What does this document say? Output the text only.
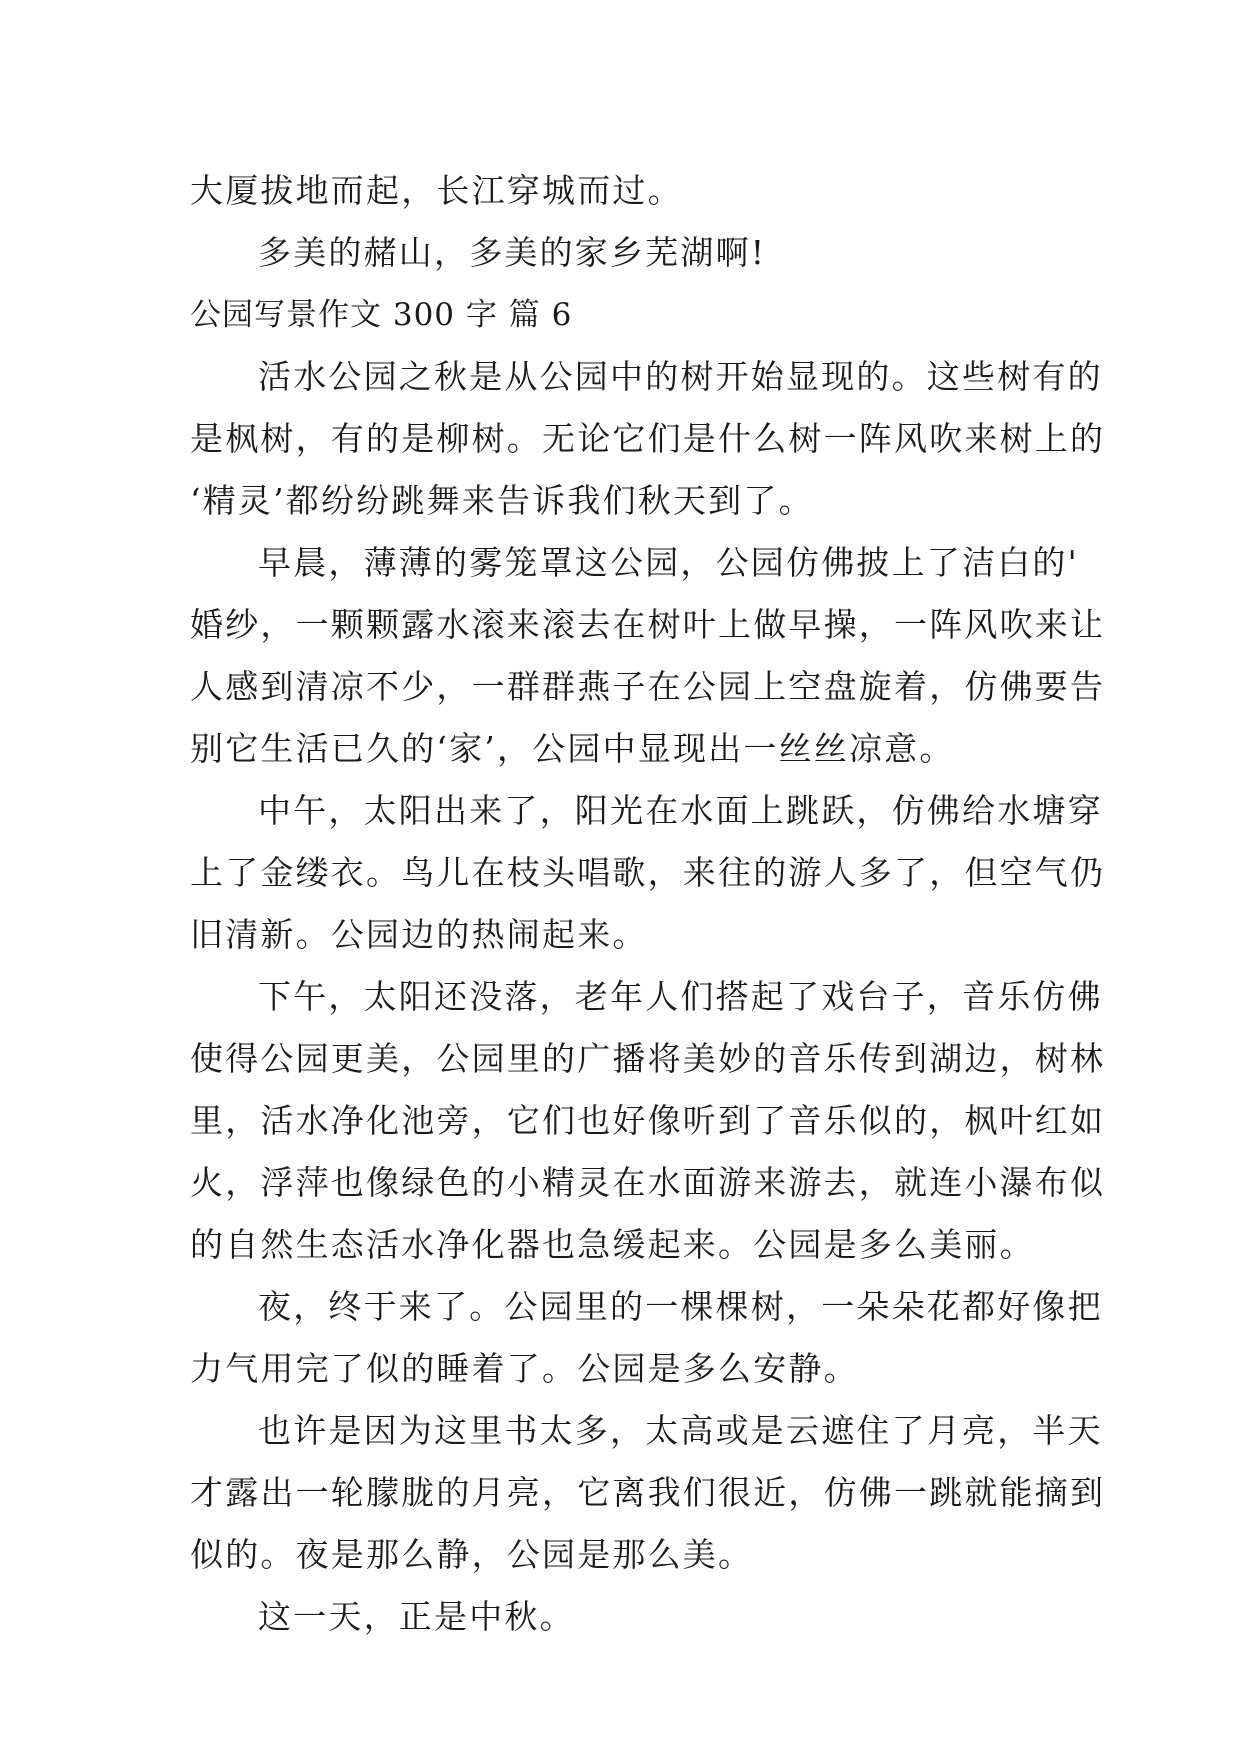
大厦拔地而起，长江穿城而过。

多美的赭山，多美的家乡芜湖啊!

公园写景作文 300 字 篇 6

活水公园之秋是从公园中的树开始显现的。这些树有的

是枫树，有的是柳树。无论它们是什么树一阵风吹来树上的

‘精灵’都纷纷跳舞来告诉我们秋天到了。

早晨，薄薄的雾笼罩这公园，公园仿佛披上了洁白的'

婚纱，一颗颗露水滚来滚去在树叶上做早操，一阵风吹来让

人感到清凉不少，一群群燕子在公园上空盘旋着，仿佛要告

别它生活已久的‘家’，公园中显现出一丝丝凉意。

中午，太阳出来了，阳光在水面上跳跃，仿佛给水塘穿

上了金缕衣。鸟儿在枝头唱歌，来往的游人多了，但空气仍

旧清新。公园边的热闹起来。

下午，太阳还没落，老年人们搭起了戏台子，音乐仿佛

使得公园更美，公园里的广播将美妙的音乐传到湖边，树林

里，活水净化池旁，它们也好像听到了音乐似的，枫叶红如

火，浮萍也像绿色的小精灵在水面游来游去，就连小瀑布似

的自然生态活水净化器也急缓起来。公园是多么美丽。

夜，终于来了。公园里的一棵棵树，一朵朵花都好像把

力气用完了似的睡着了。公园是多么安静。

也许是因为这里书太多，太高或是云遮住了月亮，半天

才露出一轮朦胧的月亮，它离我们很近，仿佛一跳就能摘到

似的。夜是那么静，公园是那么美。

这一天，正是中秋。
